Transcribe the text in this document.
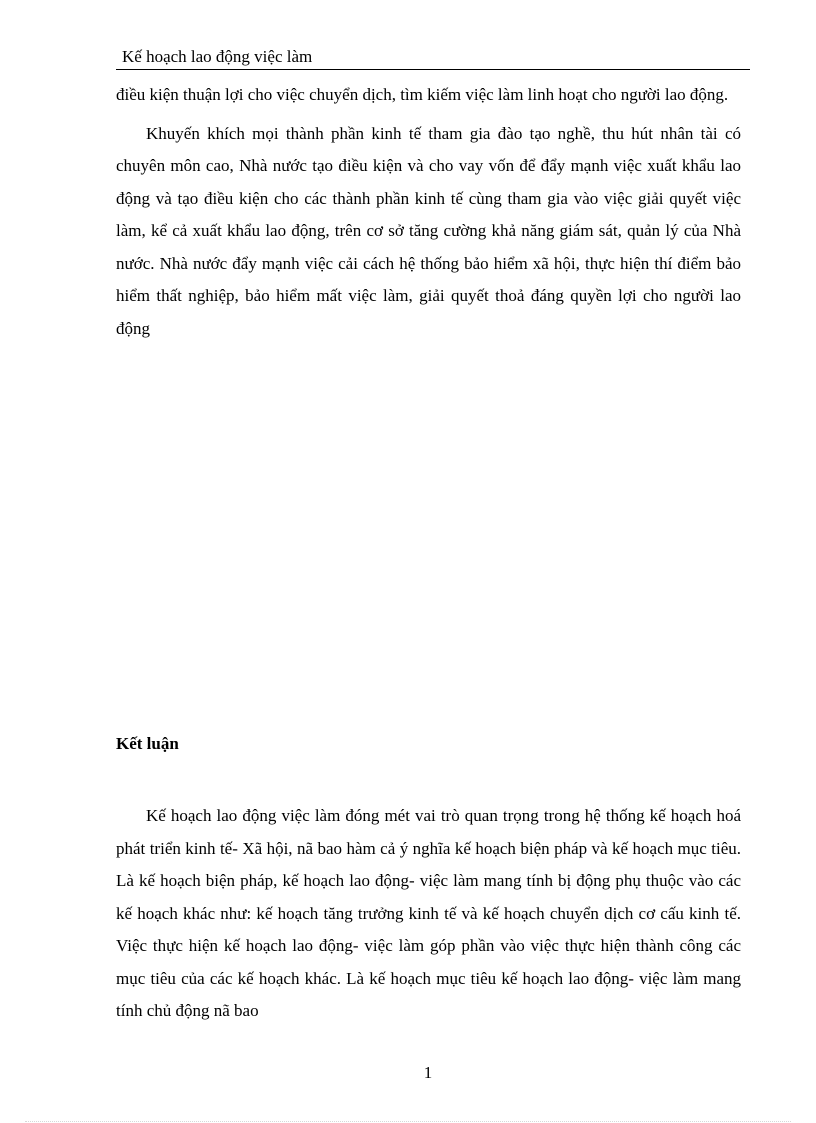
Kế hoạch lao động việc làm

điều kiện thuận lợi cho việc chuyển dịch, tìm kiếm việc làm linh hoạt cho người lao động.

Khuyến khích mọi thành phần kinh tế tham gia đào tạo nghề, thu hút nhân tài có chuyên môn cao, Nhà nước tạo điều kiện và cho vay vốn để đẩy mạnh việc xuất khẩu lao động và tạo điều kiện cho các thành phần kinh tế cùng tham gia vào việc giải quyết việc làm, kể cả xuất khẩu lao động, trên cơ sở tăng cường khả năng giám sát, quản lý của Nhà nước. Nhà nước đẩy mạnh việc cải cách hệ thống bảo hiểm xã hội, thực hiện thí điểm bảo hiểm thất nghiệp, bảo hiểm mất việc làm, giải quyết thoả đáng quyền lợi cho người lao động

Kết luận

Kế hoạch lao động việc làm đóng mét vai trò quan trọng trong hệ thống kế hoạch hoá phát triển kinh tế- Xã hội, nã bao hàm cả ý nghĩa kế hoạch biện pháp và kế hoạch mục tiêu. Là kế hoạch biện pháp, kế hoạch lao động- việc làm mang tính bị động phụ thuộc vào các kế hoạch khác như: kế hoạch tăng trưởng kinh tế và kế hoạch chuyển dịch cơ cấu kinh tế. Việc thực hiện kế hoạch lao động- việc làm góp phần vào việc thực hiện thành công các mục tiêu của các kế hoạch khác. Là kế hoạch mục tiêu kế hoạch lao động- việc làm mang tính chủ động nã bao

1
